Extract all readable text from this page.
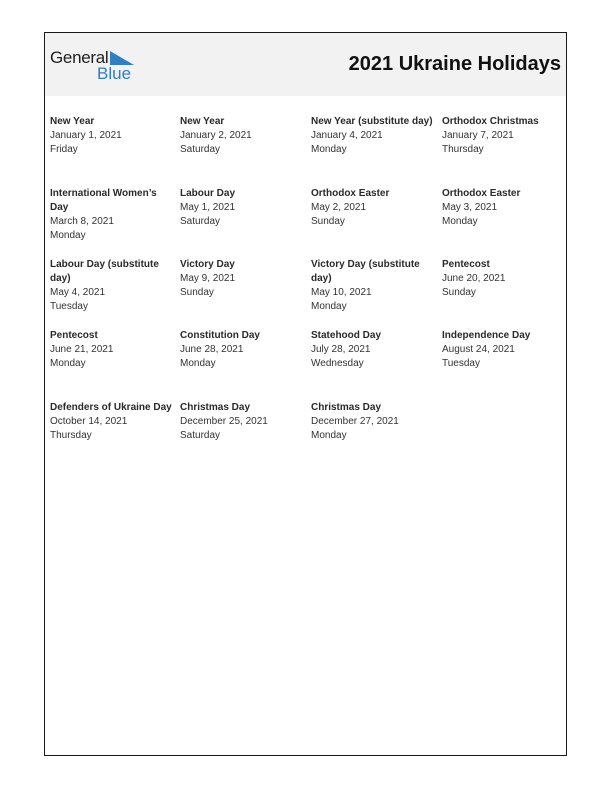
General
Blue	2021 Ukraine Holidays
New Year
January 1, 2021
Friday
New Year
January 2, 2021
Saturday
New Year (substitute day)
January 4, 2021
Monday
Orthodox Christmas
January 7, 2021
Thursday
International Women’s Day
March 8, 2021
Monday
Labour Day
May 1, 2021
Saturday
Orthodox Easter
May 2, 2021
Sunday
Orthodox Easter
May 3, 2021
Monday
Labour Day (substitute day)
May 4, 2021
Tuesday
Victory Day
May 9, 2021
Sunday
Victory Day (substitute day)
May 10, 2021
Monday
Pentecost
June 20, 2021
Sunday
Pentecost
June 21, 2021
Monday
Constitution Day
June 28, 2021
Monday
Statehood Day
July 28, 2021
Wednesday
Independence Day
August 24, 2021
Tuesday
Defenders of Ukraine Day
October 14, 2021
Thursday
Christmas Day
December 25, 2021
Saturday
Christmas Day
December 27, 2021
Monday
